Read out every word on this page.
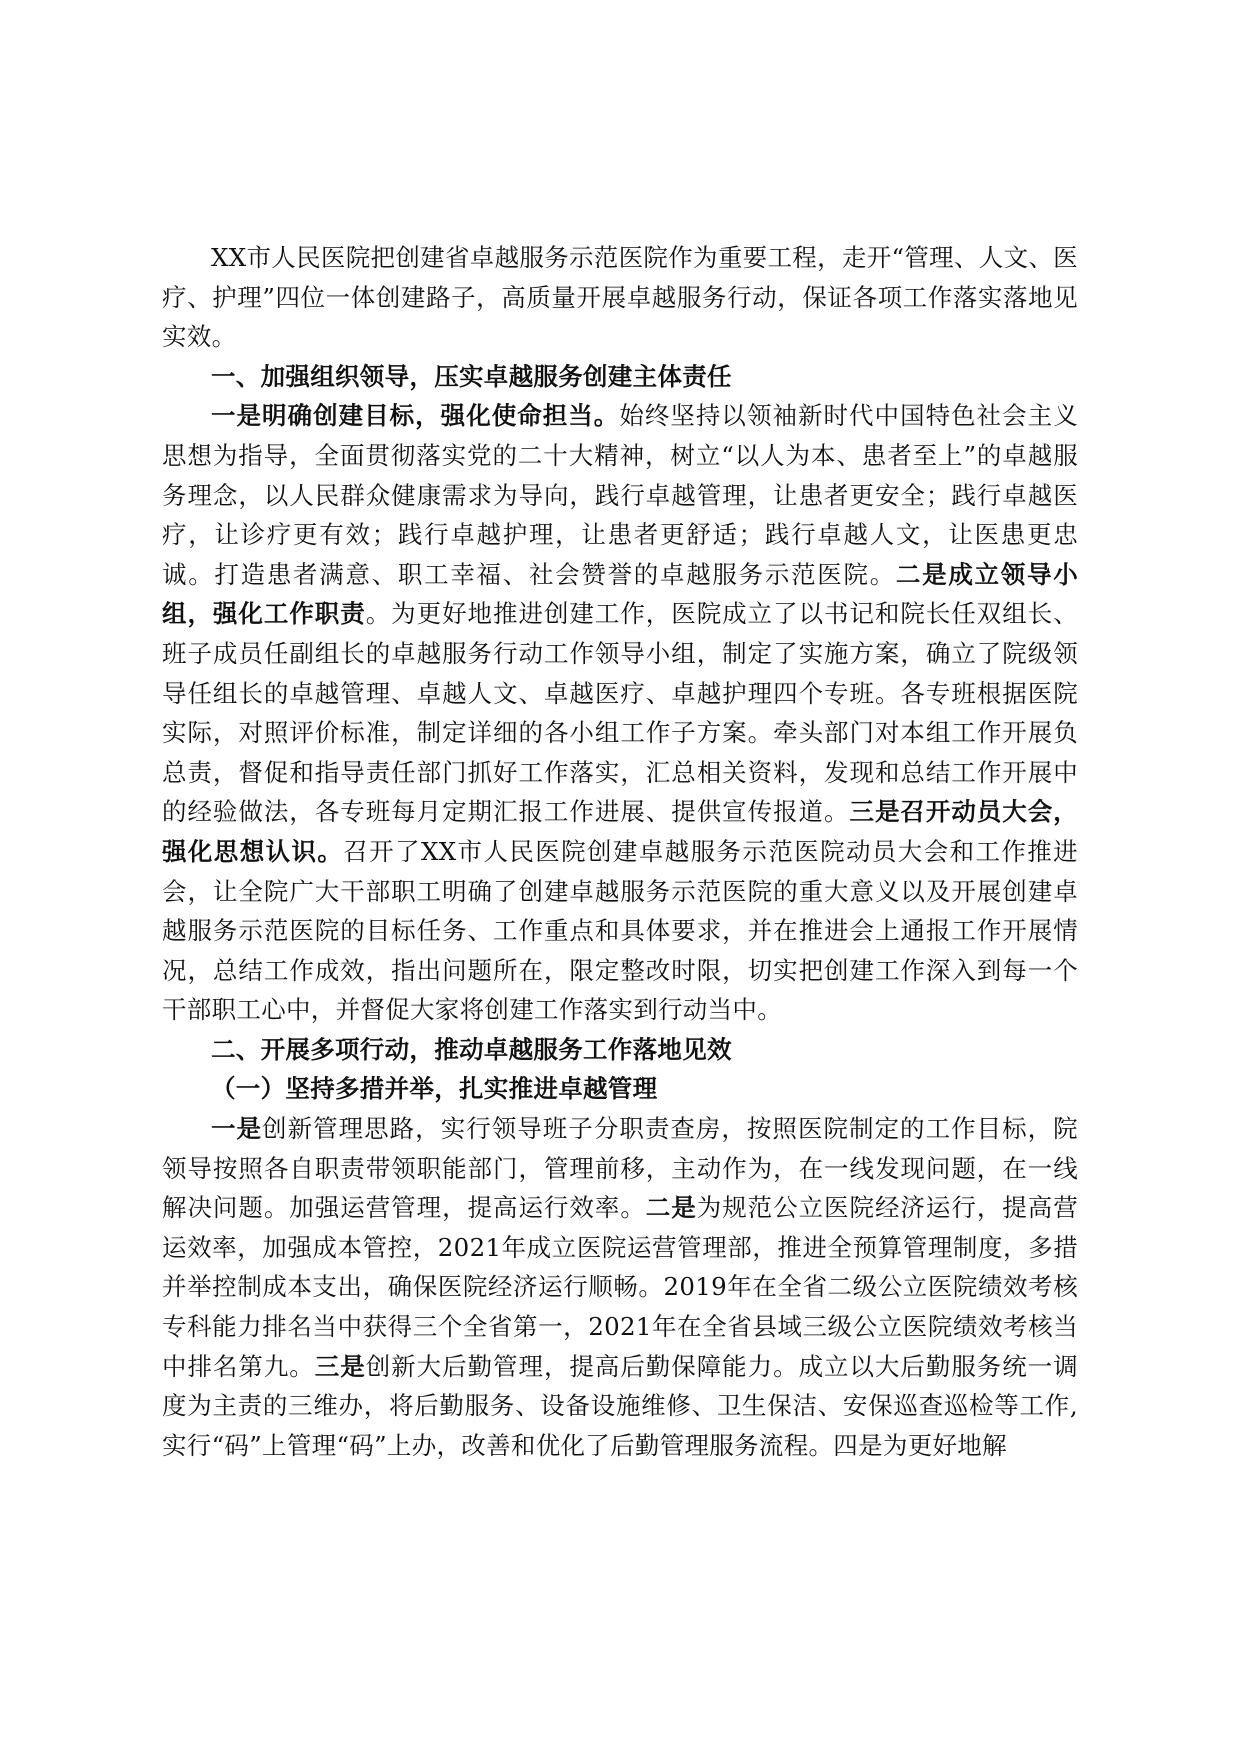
XX市人民医院把创建省卓越服务示范医院作为重要工程，走开“管理、人文、医疗、护理”四位一体创建路子，高质量开展卓越服务行动，保证各项工作落实落地见实效。

一、加强组织领导，压实卓越服务创建主体责任

一是明确创建目标，强化使命担当。始终坚持以领袖新时代中国特色社会主义思想为指导，全面贯彻落实党的二十大精神，树立“以人为本、患者至上”的卓越服务理念，以人民群众健康需求为导向，践行卓越管理，让患者更安全；践行卓越医疗，让诊疗更有效；践行卓越护理，让患者更舒适；践行卓越人文，让医患更忠诚。打造患者满意、职工幸福、社会赞誉的卓越服务示范医院。二是成立领导小组，强化工作职责。为更好地推进创建工作，医院成立了以书记和院长任双组长、班子成员任副组长的卓越服务行动工作领导小组，制定了实施方案，确立了院级领导任组长的卓越管理、卓越人文、卓越医疗、卓越护理四个专班。各专班根据医院实际，对照评价标准，制定详细的各小组工作子方案。牵头部门对本组工作开展负总责，督促和指导责任部门抓好工作落实，汇总相关资料，发现和总结工作开展中的经验做法，各专班每月定期汇报工作进展、提供宣传报道。三是召开动员大会，强化思想认识。召开了XX市人民医院创建卓越服务示范医院动员大会和工作推进会，让全院广大干部职工明确了创建卓越服务示范医院的重大意义以及开展创建卓越服务示范医院的目标任务、工作重点和具体要求，并在推进会上通报工作开展情况，总结工作成效，指出问题所在，限定整改时限，切实把创建工作深入到每一个干部职工心中，并督促大家将创建工作落实到行动当中。

二、开展多项行动，推动卓越服务工作落地见效

（一）坚持多措并举，扎实推进卓越管理

一是创新管理思路，实行领导班子分职责查房，按照医院制定的工作目标，院领导按照各自职责带领职能部门，管理前移，主动作为，在一线发现问题，在一线解决问题。加强运营管理，提高运行效率。二是为规范公立医院经济运行，提高营运效率，加强成本管控，2021年成立医院运营管理部，推进全预算管理制度，多措并举控制成本支出，确保医院经济运行顺畅。2019年在全省二级公立医院绩效考核专科能力排名当中获得三个全省第一，2021年在全省县域三级公立医院绩效考核当中排名第九。三是创新大后勤管理，提高后勤保障能力。成立以大后勤服务统一调度为主责的三维办，将后勤服务、设备设施维修、卫生保洁、安保巡查巡检等工作,实行“码”上管理“码”上办，改善和优化了后勤管理服务流程。四是为更好地解
